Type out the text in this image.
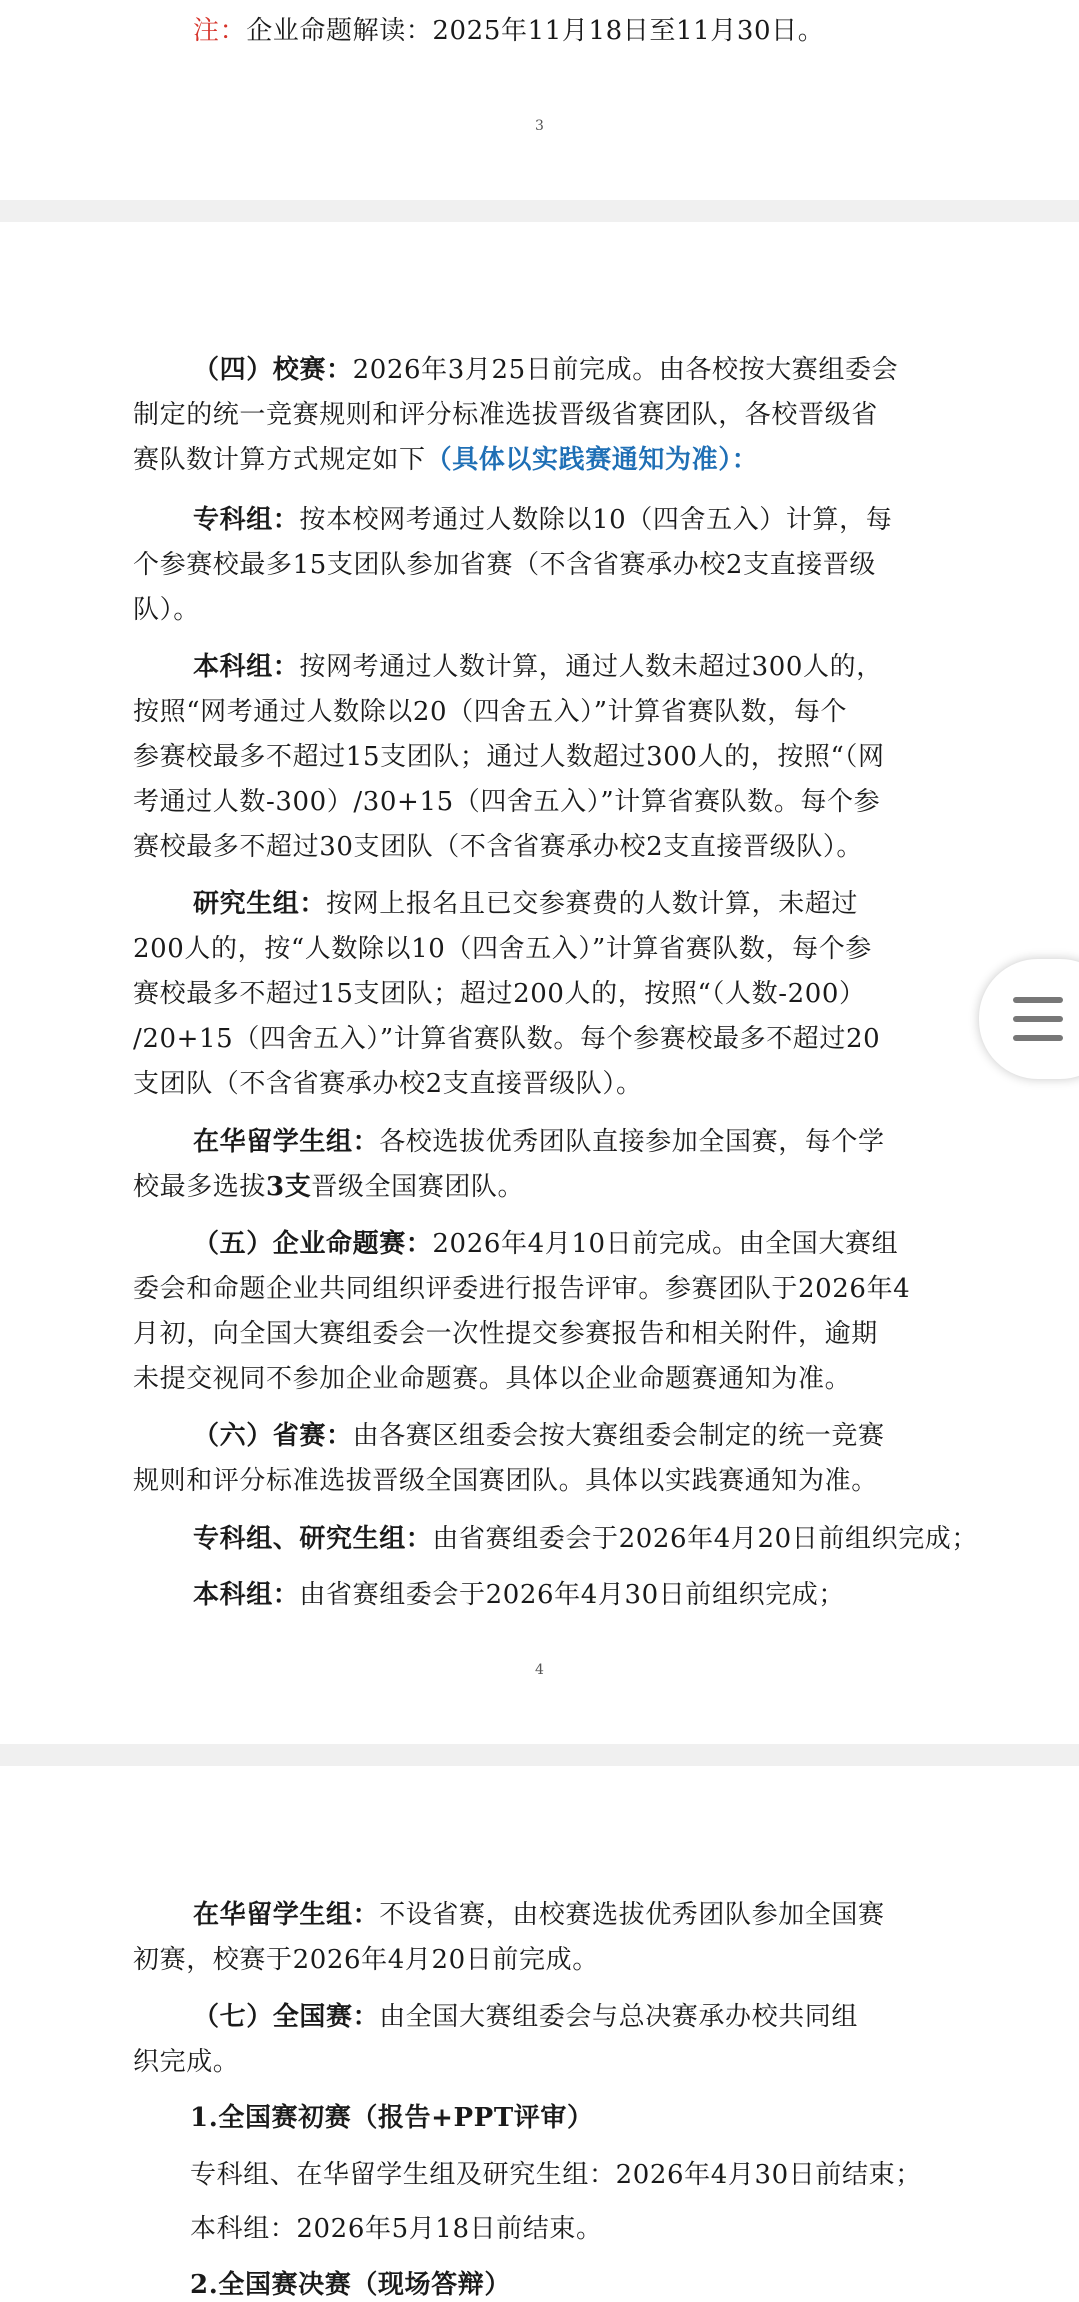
注：企业命题解读：2025年11月18日至11月30日。
3
（四）校赛：2026年3月25日前完成。由各校按大赛组委会
制定的统一竞赛规则和评分标准选拔晋级省赛团队，各校晋级省
赛队数计算方式规定如下（具体以实践赛通知为准）：
专科组：按本校网考通过人数除以10（四舍五入）计算，每
个参赛校最多15支团队参加省赛（不含省赛承办校2支直接晋级
队）。
本科组：按网考通过人数计算，通过人数未超过300人的，
按照“网考通过人数除以20（四舍五入）”计算省赛队数，每个
参赛校最多不超过15支团队；通过人数超过300人的，按照“（网
考通过人数-300）/30+15（四舍五入）”计算省赛队数。每个参
赛校最多不超过30支团队（不含省赛承办校2支直接晋级队）。
研究生组：按网上报名且已交参赛费的人数计算，未超过
200人的，按“人数除以10（四舍五入）”计算省赛队数，每个参
赛校最多不超过15支团队；超过200人的，按照“（人数-200）
/20+15（四舍五入）”计算省赛队数。每个参赛校最多不超过20
支团队（不含省赛承办校2支直接晋级队）。
在华留学生组：各校选拔优秀团队直接参加全国赛，每个学
校最多选拔3支晋级全国赛团队。
（五）企业命题赛：2026年4月10日前完成。由全国大赛组
委会和命题企业共同组织评委进行报告评审。参赛团队于2026年4
月初，向全国大赛组委会一次性提交参赛报告和相关附件，逾期
未提交视同不参加企业命题赛。具体以企业命题赛通知为准。
（六）省赛：由各赛区组委会按大赛组委会制定的统一竞赛
规则和评分标准选拔晋级全国赛团队。具体以实践赛通知为准。
专科组、研究生组：由省赛组委会于2026年4月20日前组织完成；
本科组：由省赛组委会于2026年4月30日前组织完成；
4
在华留学生组：不设省赛，由校赛选拔优秀团队参加全国赛
初赛，校赛于2026年4月20日前完成。
（七）全国赛：由全国大赛组委会与总决赛承办校共同组
织完成。
1.全国赛初赛（报告+PPT评审）
专科组、在华留学生组及研究生组：2026年4月30日前结束；
本科组：2026年5月18日前结束。
2.全国赛决赛（现场答辩）
